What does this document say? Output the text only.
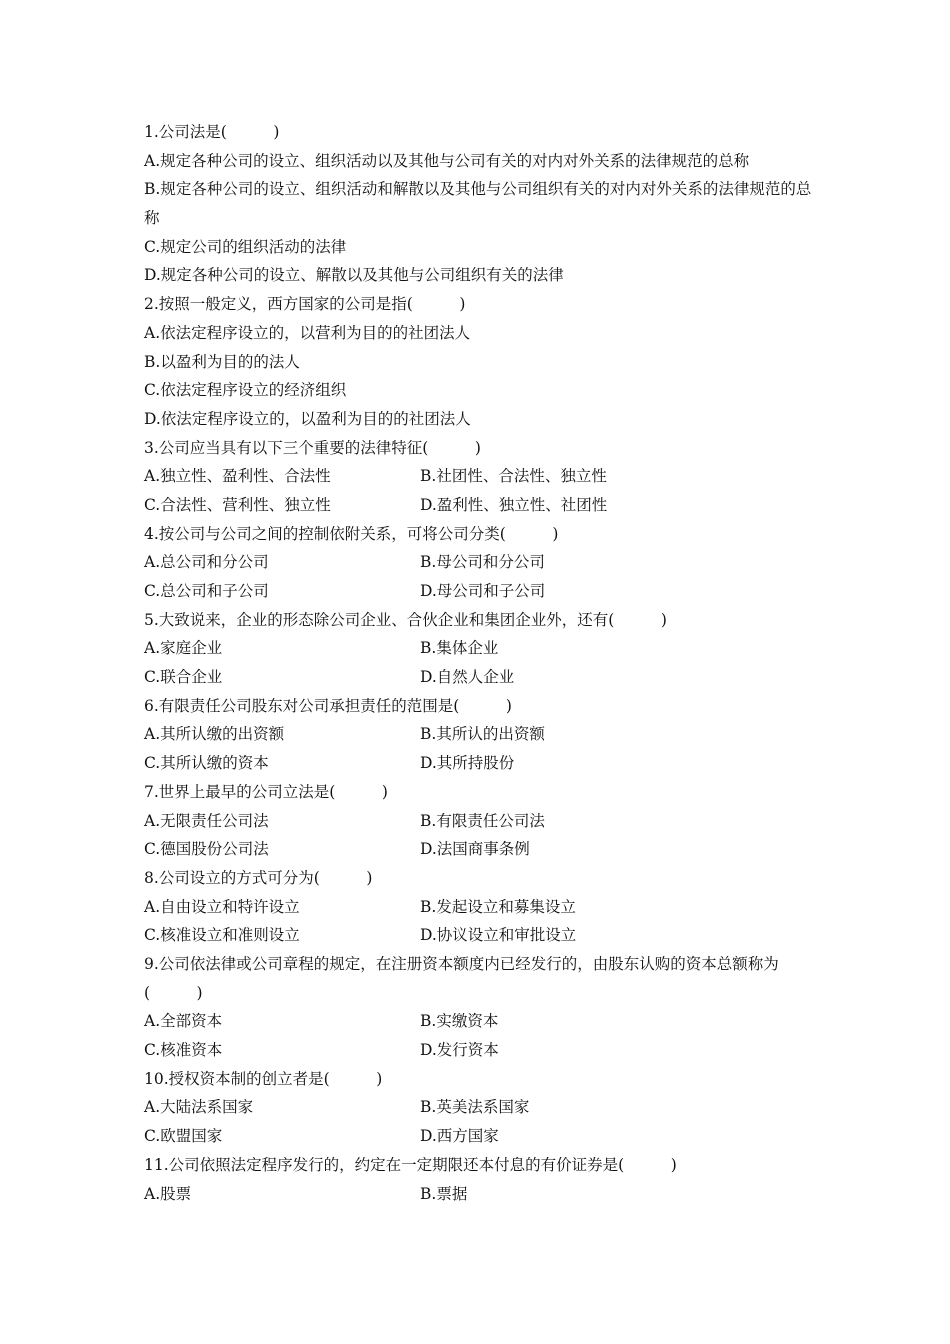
1.公司法是(　　　)
A.规定各种公司的设立、组织活动以及其他与公司有关的对内对外关系的法律规范的总称
B.规定各种公司的设立、组织活动和解散以及其他与公司组织有关的对内对外关系的法律规范的总称
C.规定公司的组织活动的法律
D.规定各种公司的设立、解散以及其他与公司组织有关的法律
2.按照一般定义，西方国家的公司是指(　　　)
A.依法定程序设立的，以营利为目的的社团法人
B.以盈利为目的的法人
C.依法定程序设立的经济组织
D.依法定程序设立的，以盈利为目的的社团法人
3.公司应当具有以下三个重要的法律特征(　　　)
A.独立性、盈利性、合法性	B.社团性、合法性、独立性
C.合法性、营利性、独立性	D.盈利性、独立性、社团性
4.按公司与公司之间的控制依附关系，可将公司分类(　　　)
A.总公司和分公司	B.母公司和分公司
C.总公司和子公司	D.母公司和子公司
5.大致说来，企业的形态除公司企业、合伙企业和集团企业外，还有(　　　)
A.家庭企业	B.集体企业
C.联合企业	D.自然人企业
6.有限责任公司股东对公司承担责任的范围是(　　　)
A.其所认缴的出资额	B.其所认的出资额
C.其所认缴的资本	D.其所持股份
7.世界上最早的公司立法是(　　　)
A.无限责任公司法	B.有限责任公司法
C.德国股份公司法	D.法国商事条例
8.公司设立的方式可分为(　　　)
A.自由设立和特许设立	B.发起设立和募集设立
C.核准设立和准则设立	D.协议设立和审批设立
9.公司依法律或公司章程的规定，在注册资本额度内已经发行的，由股东认购的资本总额称为(　　　)
A.全部资本	B.实缴资本
C.核准资本	D.发行资本
10.授权资本制的创立者是(　　　)
A.大陆法系国家	B.英美法系国家
C.欧盟国家	D.西方国家
11.公司依照法定程序发行的，约定在一定期限还本付息的有价证券是(　　　)
A.股票	B.票据
